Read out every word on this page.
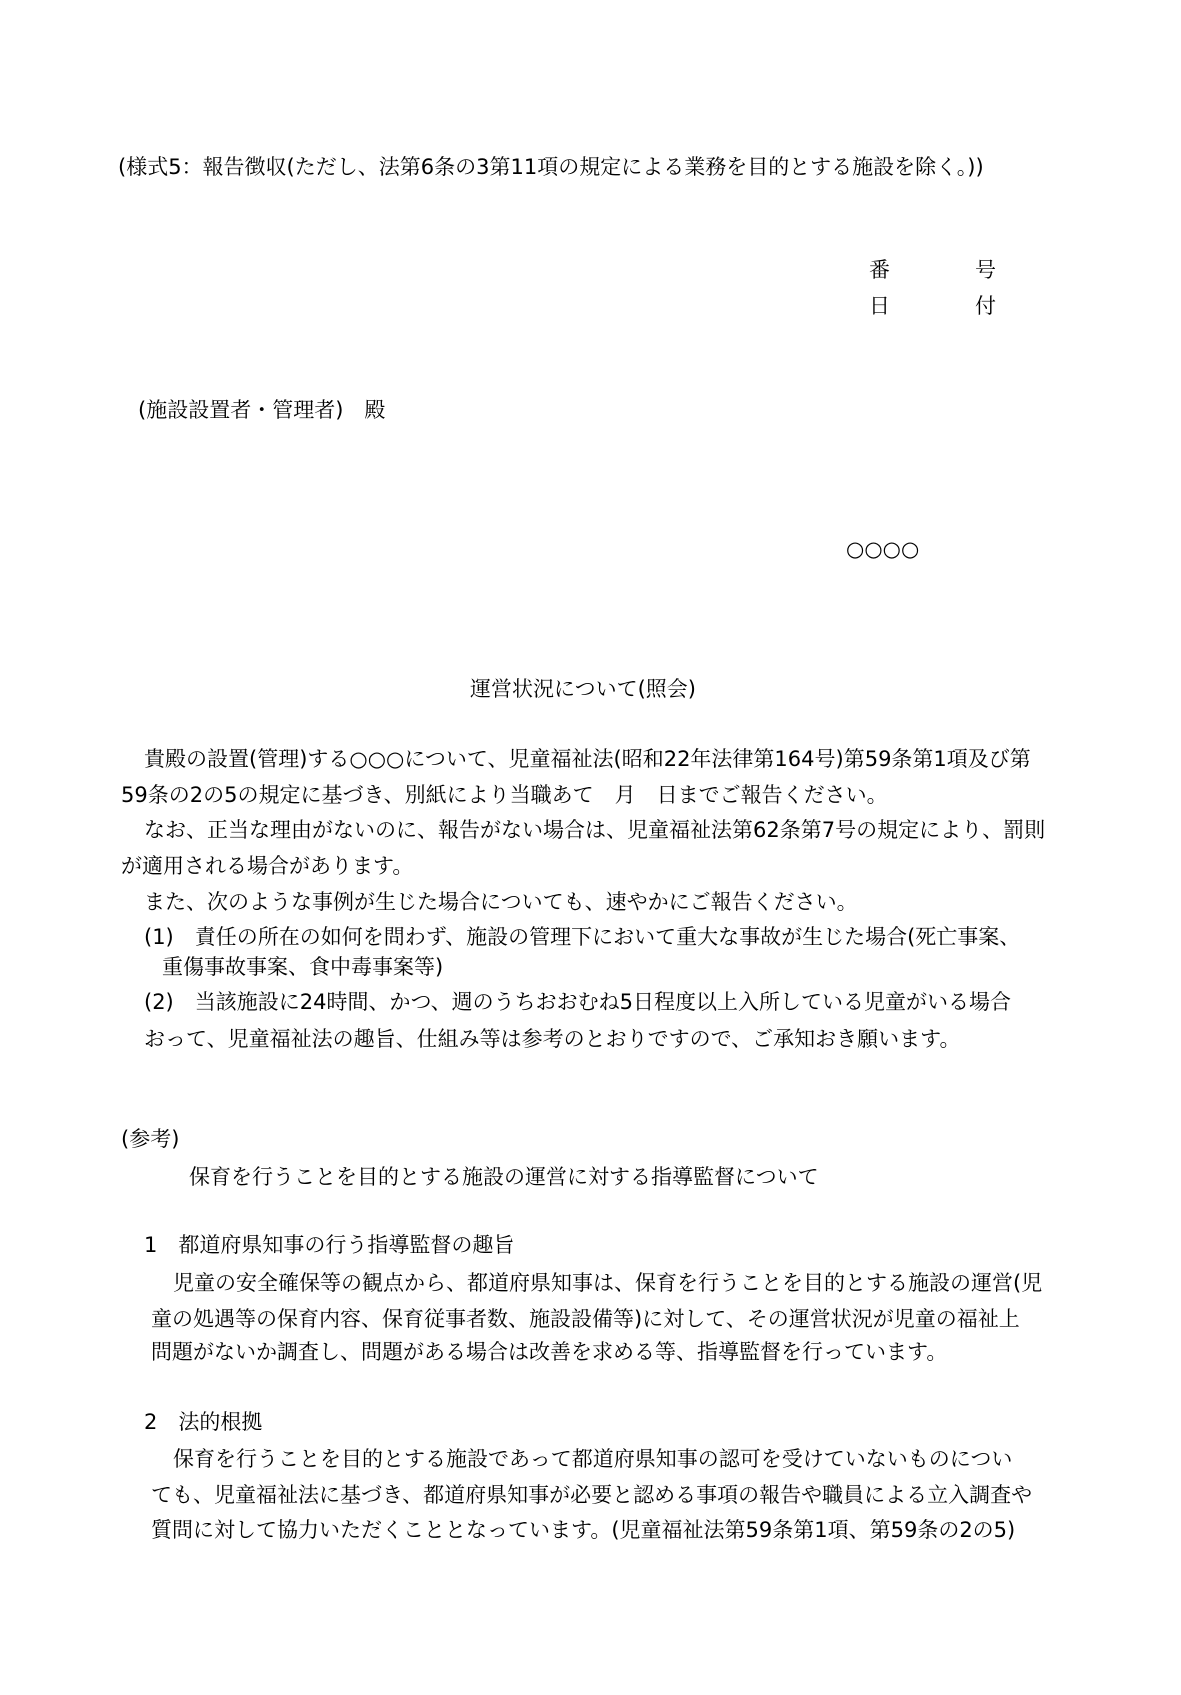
(様式5：報告徴収(ただし、法第6条の3第11項の規定による業務を目的とする施設を除く。))
番	号
日	付
(施設設置者・管理者)　殿
○○○○
運営状況について(照会)
貴殿の設置(管理)する○○○について、児童福祉法(昭和22年法律第164号)第59条第1項及び第
59条の2の5の規定に基づき、別紙により当職あて　月　日までご報告ください。
なお、正当な理由がないのに、報告がない場合は、児童福祉法第62条第7号の規定により、罰則
が適用される場合があります。
また、次のような事例が生じた場合についても、速やかにご報告ください。
(1)　責任の所在の如何を問わず、施設の管理下において重大な事故が生じた場合(死亡事案、
重傷事故事案、食中毒事案等)
(2)　当該施設に24時間、かつ、週のうちおおむね5日程度以上入所している児童がいる場合
おって、児童福祉法の趣旨、仕組み等は参考のとおりですので、ご承知おき願います。
(参考)
保育を行うことを目的とする施設の運営に対する指導監督について
1　都道府県知事の行う指導監督の趣旨
児童の安全確保等の観点から、都道府県知事は、保育を行うことを目的とする施設の運営(児
童の処遇等の保育内容、保育従事者数、施設設備等)に対して、その運営状況が児童の福祉上
問題がないか調査し、問題がある場合は改善を求める等、指導監督を行っています。
2　法的根拠
保育を行うことを目的とする施設であって都道府県知事の認可を受けていないものについ
ても、児童福祉法に基づき、都道府県知事が必要と認める事項の報告や職員による立入調査や
質問に対して協力いただくこととなっています。(児童福祉法第59条第1項、第59条の2の5)
